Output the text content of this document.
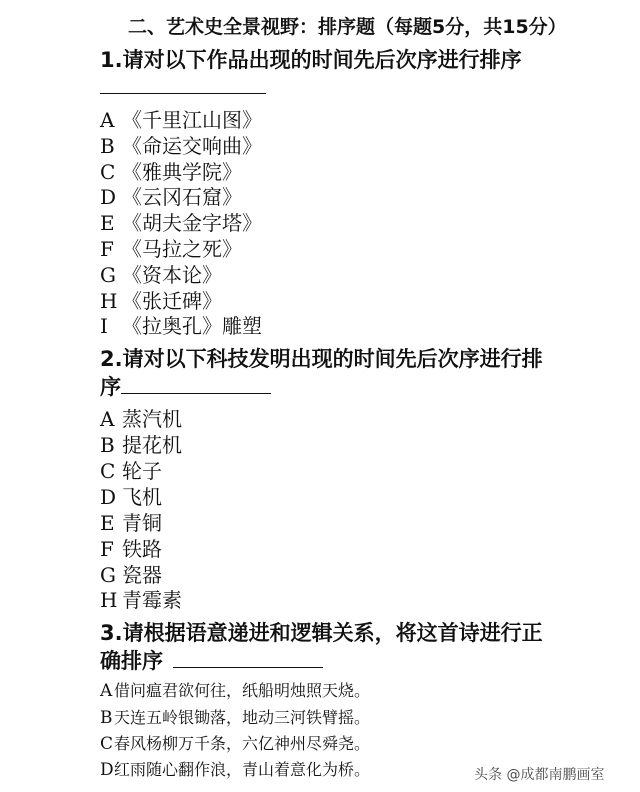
二、艺术史全景视野：排序题（每题5分，共15分）
1.请对以下作品出现的时间先后次序进行排序
A 《千里江山图》
B 《命运交响曲》
C 《雅典学院》
D 《云冈石窟》
E 《胡夫金字塔》
F 《马拉之死》
G 《资本论》
H 《张迁碑》
I 《拉奥孔》雕塑
2.请对以下科技发明出现的时间先后次序进行排
序
A 蒸汽机
B 提花机
C 轮子
D 飞机
E 青铜
F 铁路
G 瓷器
H 青霉素
3.请根据语意递进和逻辑关系，将这首诗进行正
确排序
A 借问瘟君欲何往，纸船明烛照天烧。
B天连五岭银锄落，地动三河铁臂摇。
C春风杨柳万千条，六亿神州尽舜尧。
D红雨随心翻作浪，青山着意化为桥。	头条 @成都南鹏画室
